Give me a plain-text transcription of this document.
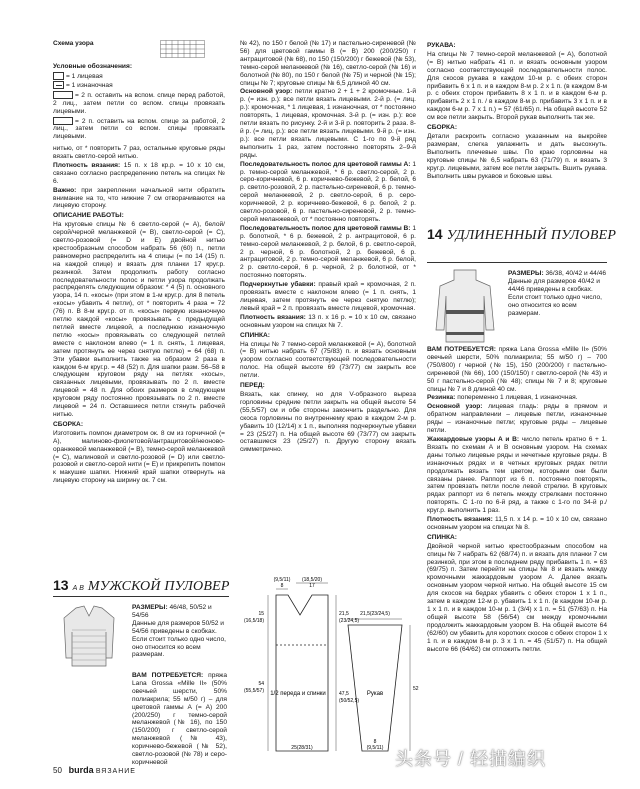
Схема узора

Условные обозначения:

= 1 лицевая

= 1 изнаночная

= 2 п. оставить на вспом. спице перед работой, 2 лиц., затем петли со вспом. спицы провязать лицевыми.

= 2 п. оставить на вспом. спице за работой, 2 лиц., затем петли со вспом. спицы провязать лицевыми.

нитью, от * повторить 7 раз, остальные круговые ряды вязать светло-серой нитью.

Плотность вязания: 15 п. х 18 кр.р. = 10 х 10 см, связано согласно распределению петель на спицах № 6.

Важно: при закреплении начальной нити обратить внимание на то, что нижние 7 см отворачиваются на лицевую сторону.

ОПИСАНИЕ РАБОТЫ:

На круговые спицы № 6 светло-серой (= А), белой/серой/черной меланжевой (= В), светло-серой (= С), светло-розовой (= D и Е) двойной нитью крестообразным способом набрать 56 (60) п., петли равномерно распределить на 4 спицы (= по 14 (15) п. на каждой спице) и вязать для планки 17 круг.р. резинкой. Затем продолжить работу согласно последовательности полос и петли узора продолжать распределять следующим образом: * 4 (5) п. основного узора, 14 п. «косы» (при этом в 1-м круг.р. для 8 петель «косы» убавить 4 петли), от * повторить 4 раза = 72 (76) п. В 8-м круг.р. от п. «косы» первую изнаночную петлю каждой «косы» провязывать с предыдущей петлей вместе лицевой, а последнюю изнаночную петлю «косы» провязывать со следующей петлей вместе с наклоном влево (= 1 п. снять, 1 лицевая, затем протянуть ее через снятую петлю) = 64 (68) п. Эти убавки выполнить также на образом 2 раза в каждом 6-м круг.р. = 48 (52) п. Для шапки разм. 56–58 в следующем круговом ряду на петлях «косы», связанных лицевыми, провязывать по 2 п. вместе лицевой = 48 п. Для обоих размеров в следующем круговом ряду постоянно провязывать по 2 п. вместе лицевой = 24 п. Оставшиеся петли стянуть рабочей нитью.

СБОРКА:

Изготовить помпон диаметром ок. 8 см из горчичной (= А), малиново-фиолетовой/антрацитовой/неоново-оранжевой меланжевой (= В), темно-серой меланжевой (= C), малиновой и светло-розовой (= D) или светло-розовой и светло-серой нити (= E) и прикрепить помпон к макушке шапки. Нижний край шапки отвернуть на лицевую сторону на ширину ок. 7 см.

13 А В МУЖСКОЙ ПУЛОВЕР

РАЗМЕРЫ: 46/48, 50/52 и 54/56

Данные для размеров 50/52 и 54/56 приведены в скобках. Если стоит только одно число, оно относится ко всем размерам.

ВАМ ПОТРЕБУЕТСЯ: пряжа Lana Grossa «Mille II» (50% овечьей шерсти, 50% полиакрила; 55 м/50 г) – для цветовой гаммы А (= А) 200 (200/250) г темно-серой меланжевой (№ 16), по 150 (150/200) г светло-серой меланжевой (№ 43), коричнево-бежевой (№ 52), светло-розовой (№ 78) и серо-коричневой

№ 42), по 150 г белой (№ 17) и пастельно-сиреневой (№ 56) для цветовой гаммы В (= В) 200 (200/250) г антрацитовой (№ 68), по 150 (150/200) г бежевой (№ 53), темно-серой меланжевой (№ 16), светло-серой (№ 16) и болотной (№ 80), по 150 г белой (№ 75) и черной (№ 15); спицы № 7; круговые спицы № 6,5 длиной 40 см.

Основной узор: петли кратно 2 + 1 + 2 кромочные. 1-й р. (= изн. р.): все петли вязать лицевыми. 2-й р. (= лиц. р.): кромочная, * 1 лицевая, 1 изнаночная, от * постоянно повторять, 1 лицевая, кромочная. 3-й р. (= изн. р.): все петли вязать по рисунку. 2-й и 3-й р. повторить 2 раза. 8-й р. (= лиц. р.): все петли вязать лицевыми. 9-й р. (= изн. р.): все петли вязать лицевыми. С 1-го по 9-й ряд выполнить 1 раз, затем постоянно повторять 2–9-й ряды.

Последовательность полос для цветовой гаммы А: 1 р. темно-серой меланжевой, * 6 р. светло-серой, 2 р. серо-коричневой, 6 р. коричнево-бежевой, 2 р. белой, 6 р. светло-розовой, 2 р. пастельно-сиреневой, 6 р. темно-серой меланжевой, 2 р. светло-серой, 6 р. серо-коричневой, 2 р. коричнево-бежевой, 6 р. белой, 2 р. светло-розовой, 6 р. пастельно-сиреневой, 2 р. темно-серой меланжевой, от * постоянно повторять.

Последовательность полос для цветовой гаммы В: 1 р. болотной, * 6 р. бежевой, 2 р. антрацитовой, 6 р. темно-серой меланжевой, 2 р. белой, 6 р. светло-серой, 2 р. черной, 6 р. болотной, 2 р. бежевой, 6 р. антрацитовой, 2 р. темно-серой меланжевой, 6 р. белой, 2 р. светло-серой, 6 р. черной, 2 р. болотной, от * постоянно повторять.

Подчеркнутые убавки: правый край = кромочная, 2 п. провязать вместе с наклоном влево (= 1 п. снять, 1 лицевая, затем протянуть ее через снятую петлю); левый край = 2 п. провязать вместе лицевой, кромочная.

Плотность вязания: 13 п. х 16 р. = 10 х 10 см, связано основным узором на спицах № 7.

СПИНКА:

На спицы № 7 темно-серой меланжевой (= А), болотной (= В) нитью набрать 67 (75/83) п. и вязать основным узором согласно соответствующей последовательности полос. На общей высоте 69 (73/77) см закрыть все петли.

ПЕРЕД:

Вязать, как спинку, но для V-образного выреза горловины средние петли закрыть на общей высоте 54 (55,5/57) см и обе стороны закончить раздельно. Для скоса горловины по внутреннему краю в каждом 2-м р. убавить 10 (12/14) х 1 п., выполняя подчеркнутые убавки = 23 (25/27) п. На общей высоте 69 (73/77) см закрыть оставшиеся 23 (25/27) п. Другую сторону вязать симметрично.

1/2 переда и спинки	Рукав
(9,5/11)
8
(18,5/20)
17
15
(16,5/18)
54
(55,5/57)
21,5
(23/24,5)
47,5
(50/52,5)
25(28/31)
21,5(23/24,5)
52
8
(9,5/11)

РУКАВА:

На спицы № 7 темно-серой меланжевой (= А), болотной (= В) нитью набрать 41 п. и вязать основным узором согласно соответствующей последовательности полос. Для скосов рукава в каждом 10-м р. с обеих сторон прибавить 6 х 1 п. и в каждом 8-м р. 2 х 1 п. (в каждом 8-м р. с обеих сторон прибавить 8 х 1 п. и в каждом 6-м р. прибавить 2 х 1 п. / в каждом 8-м р. прибавить 3 х 1 п. и в каждом 6-м р. 7 х 1 п.) = 57 (61/65) п. На общей высоте 52 см все петли закрыть. Второй рукав выполнить так же.

СБОРКА:

Детали раскроить согласно указанным на выкройке размерам, слегка увлажнить и дать высохнуть. Выполнить плечевые швы. По краю горловины на круговые спицы № 6,5 набрать 63 (71/79) п. и вязать 3 круг.р. лицевыми, затем все петли закрыть. Вшить рукава. Выполнить швы рукавов и боковые швы.

14 УДЛИНЕННЫЙ ПУЛОВЕР

РАЗМЕРЫ: 36/38, 40/42 и 44/46

Данные для размеров 40/42 и 44/46 приведены в скобках. Если стоит только одно число, оно относится ко всем размерам.

ВАМ ПОТРЕБУЕТСЯ: пряжа Lana Grossa «Mille II» (50% овечьей шерсти, 50% полиакрила; 55 м/50 г) – 700 (750/800) г черной (№ 15), 150 (200/200) г пастельно-сиреневой (№ 66), 100 (150/150) г светло-серой (№ 43) и 50 г пастельно-серой (№ 48); спицы № 7 и 8; круговые спицы № 7 и 8 длиной 40 см.

Резинка: попеременно 1 лицевая, 1 изнаночная.

Основной узор: лицевая гладь: ряды в прямом и обратном направлении – лицевые петли, изнаночные ряды – изнаночные петли; круговые ряды – лицевые петли.

Жаккардовые узоры А и В: число петель кратно 6 + 1. Вязать по схемам А и В основным узором. На схемах даны только лицевые ряды и нечетные круговые ряды. В изнаночных рядах и в четных круговых рядах петли продолжать вязать тем цветом, которыми они были связаны ранее. Раппорт из 6 п. постоянно повторять, затем провязать петли после левой стрелки. В круговых рядах раппорт из 6 петель между стрелками постоянно повторять. С 1-го по 6-й ряд, а также с 1-го по 34-й р./круг.р. выполнить 1 раз.

Плотность вязания: 11,5 п. х 14 р. = 10 х 10 см, связано основным узором на спицах № 8.

СПИНКА:

Двойной черной нитью крестообразным способом на спицы № 7 набрать 62 (68/74) п. и вязать для планки 7 см резинкой, при этом в последнем ряду прибавить 1 п. = 63 (69/75) п. Затем перейти на спицы № 8 и вязать между кромочными жаккардовым узором А. Далее вязать основным узором черной нитью. На общей высоте 15 см для скосов на бедрах убавить с обеих сторон 1 х 1 п., затем в каждом 12-м р. убавить 1 х 1 п. (в каждом 10-м р. 1 х 1 п. и в каждом 10-м р. 1 (3/4) х 1 п. = 51 (57/63) п. На общей высоте 58 (56/54) см между кромочными продолжить жаккардовым узором В. На общей высоте 64 (62/60) см убавить для коротких скосов с обеих сторон 1 х 1 п. и в каждом 8-м р. 3 х 1 п. = 45 (51/57) п. На общей высоте 66 (64/62) см отложить петли.

50 burda ВЯЗАНИЕ
头条号 / 轻描编织
